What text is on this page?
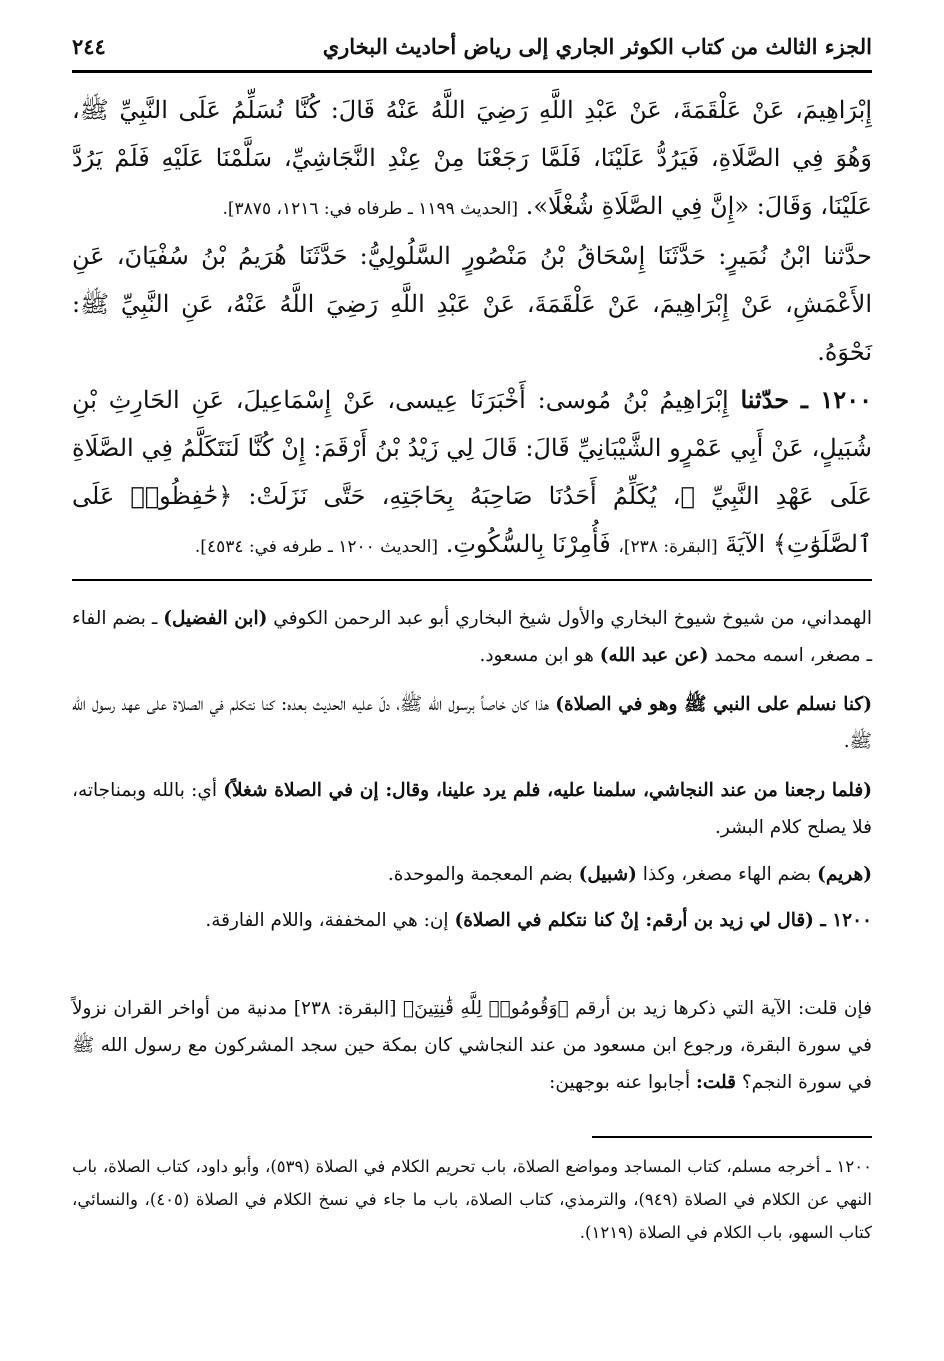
٢٤٤	الجزء الثالث من كتاب الكوثر الجاري إلى رياض أحاديث البخاري
إِبْرَاهِيمَ، عَنْ عَلْقَمَةَ، عَنْ عَبْدِ اللَّهِ رَضِيَ اللَّهُ عَنْهُ قَالَ: كُنَّا نُسَلِّمُ عَلَى النَّبِيِّ ﷺ، وَهُوَ فِي الصَّلَاةِ، فَيَرُدُّ عَلَيْنَا، فَلَمَّا رَجَعْنَا مِنْ عِنْدِ النَّجَاشِيِّ، سَلَّمْنَا عَلَيْهِ فَلَمْ يَرُدَّ عَلَيْنَا، وَقَالَ: «إِنَّ فِي الصَّلَاةِ شُغْلًا». [الحديث ١١٩٩ ـ طرفاه في: ١٢١٦، ٣٨٧٥].
حدَّثنا ابْنُ نُمَيرٍ: حَدَّثَنَا إِسْحَاقُ بْنُ مَنْصُورٍ السَّلُولِيُّ: حَدَّثَنَا هُرَيمُ بْنُ سُفْيَانَ، عَنِ الأَعْمَشِ، عَنْ إِبْرَاهِيمَ، عَنْ عَلْقَمَةَ، عَنْ عَبْدِ اللَّهِ رَضِيَ اللَّهُ عَنْهُ، عَنِ النَّبِيِّ ﷺ: نَحْوَهُ.
١٢٠٠ ـ حدّثنا إِبْرَاهِيمُ بْنُ مُوسى: أَخْبَرَنَا عِيسى، عَنْ إِسْمَاعِيلَ، عَنِ الحَارِثِ بْنِ شُبَيلٍ، عَنْ أَبِي عَمْرٍو الشَّيْبَانِيِّ قَالَ: قَالَ لِي زَيْدُ بْنُ أَرْقَمَ: إِنْ كُنَّا لَنَتَكَلَّمُ فِي الصَّلَاةِ عَلَى عَهْدِ النَّبِيِّ ﷺ، يُكَلِّمُ أَحَدُنَا صَاحِبَهُ بِحَاجَتِهِ، حَتَّى نَزَلَتْ: ﴿حَٰفِظُوا۟ عَلَى ٱلصَّلَوَٰتِ﴾ الآيَةَ [البقرة: ٢٣٨]، فَأُمِرْنَا بِالسُّكُوتِ. [الحديث ١٢٠٠ ـ طرفه في: ٤٥٣٤].
الهمداني، من شيوخ شيوخ البخاري والأول شيخ البخاري أبو عبد الرحمن الكوفي (ابن الفضيل) ـ بضم الفاء ـ مصغر، اسمه محمد (عن عبد الله) هو ابن مسعود.
(كنا نسلم على النبي ﷺ وهو في الصلاة) هذا كان خاصاً برسول الله ﷺ، دلّ عليه الحديث بعده: كنا نتكلم في الصلاة على عهد رسول الله ﷺ.
(فلما رجعنا من عند النجاشي، سلمنا عليه، فلم يرد علينا، وقال: إن في الصلاة شغلاً) أي: بالله وبمناجاته، فلا يصلح كلام البشر.
(هريم) بضم الهاء مصغر، وكذا (شبيل) بضم المعجمة والموحدة.
١٢٠٠ ـ (قال لي زيد بن أرقم: إنْ كنا نتكلم في الصلاة) إن: هي المخففة، واللام الفارقة.
فإن قلت: الآية التي ذكرها زيد بن أرقم ﴿وَقُومُوا۟ لِلَّهِ قَٰنِتِينَ﴾ [البقرة: ٢٣٨] مدنية من أواخر القران نزولاً في سورة البقرة، ورجوع ابن مسعود من عند النجاشي كان بمكة حين سجد المشركون مع رسول الله ﷺ في سورة النجم؟ قلت: أجابوا عنه بوجهين:
١٢٠٠ ـ أخرجه مسلم، كتاب المساجد ومواضع الصلاة، باب تحريم الكلام في الصلاة (٥٣٩)، وأبو داود، كتاب الصلاة، باب النهي عن الكلام في الصلاة (٩٤٩)، والترمذي، كتاب الصلاة، باب ما جاء في نسخ الكلام في الصلاة (٤٠٥)، والنسائي، كتاب السهو، باب الكلام في الصلاة (١٢١٩).
